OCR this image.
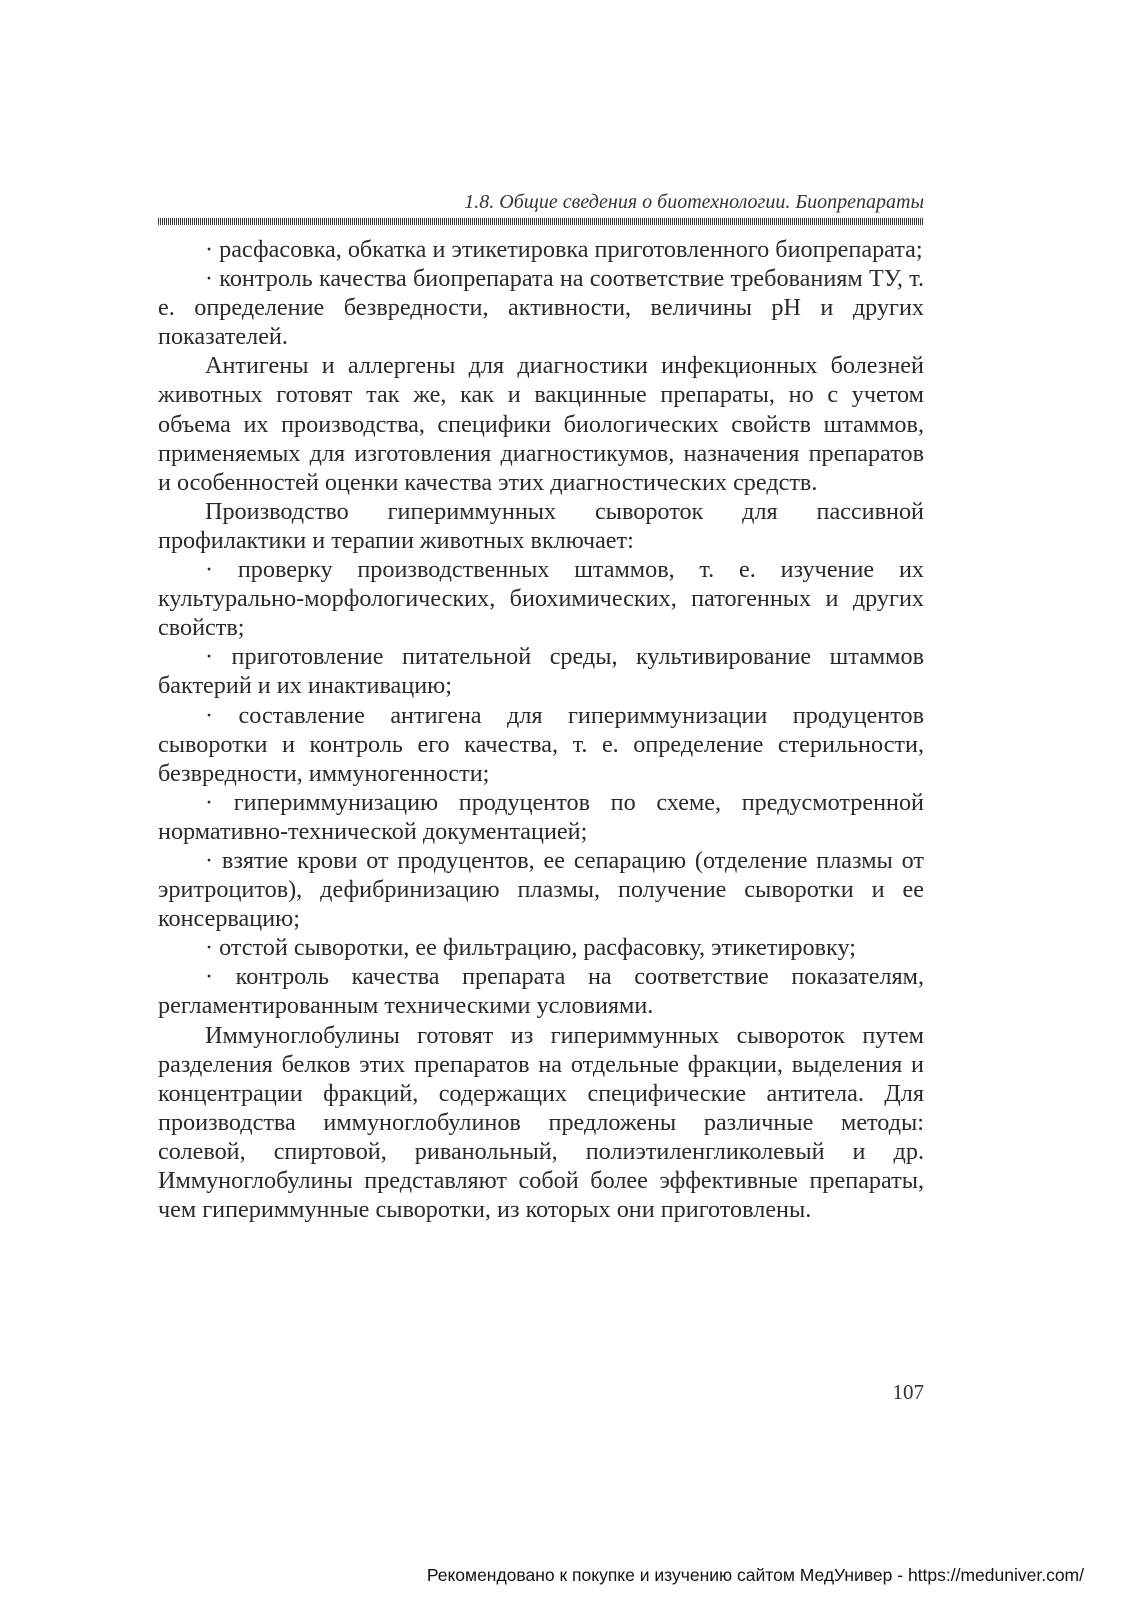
1.8. Общие сведения о биотехнологии. Биопрепараты

· расфасовка, обкатка и этикетировка приготовленного биопрепарата;

· контроль качества биопрепарата на соответствие требованиям ТУ, т. е. определение безвредности, активности, величины рН и других показателей.

Антигены и аллергены для диагностики инфекционных болезней животных готовят так же, как и вакцинные препараты, но с учетом объема их производства, специфики биологических свойств штаммов, применяемых для изготовления диагностикумов, назначения препаратов и особенностей оценки качества этих диагностических средств.

Производство гипериммунных сывороток для пассивной профилактики и терапии животных включает:

· проверку производственных штаммов, т. е. изучение их культурально-морфологических, биохимических, патогенных и других свойств;

· приготовление питательной среды, культивирование штаммов бактерий и их инактивацию;

· составление антигена для гипериммунизации продуцентов сыворотки и контроль его качества, т. е. определение стерильности, безвредности, иммуногенности;

· гипериммунизацию продуцентов по схеме, предусмотренной нормативно-технической документацией;

· взятие крови от продуцентов, ее сепарацию (отделение плазмы от эритроцитов), дефибринизацию плазмы, получение сыворотки и ее консервацию;

· отстой сыворотки, ее фильтрацию, расфасовку, этикетировку;

· контроль качества препарата на соответствие показателям, регламентированным техническими условиями.

Иммуноглобулины готовят из гипериммунных сывороток путем разделения белков этих препаратов на отдельные фракции, выделения и концентрации фракций, содержащих специфические антитела. Для производства иммуноглобулинов предложены различные методы: солевой, спиртовой, риванольный, полиэтиленгликолевый и др. Иммуноглобулины представляют собой более эффективные препараты, чем гипериммунные сыворотки, из которых они приготовлены.

107
Рекомендовано к покупке и изучению сайтом МедУнивер - https://meduniver.com/
